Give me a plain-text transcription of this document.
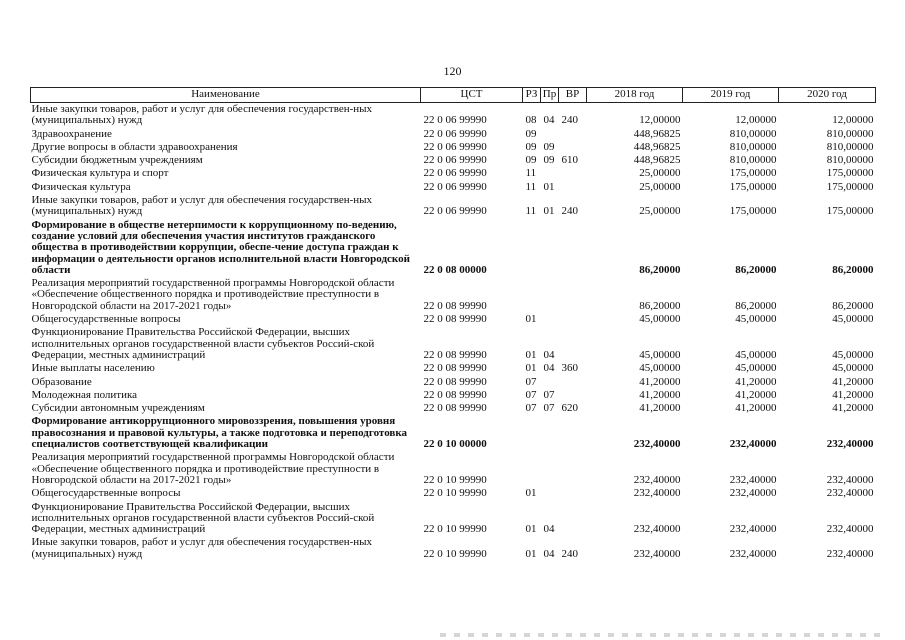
120
Наименование	ЦСТ	РЗ	Пр	ВР	2018 год	2019 год	2020 год
Иные закупки товаров, работ и услуг для обеспечения государствен-ных (муниципальных) нужд	22 0 06 99990	08	04	240	12,00000	12,00000	12,00000
Здравоохранение	22 0 06 99990	09			448,96825	810,00000	810,00000
Другие вопросы в области здравоохранения	22 0 06 99990	09	09		448,96825	810,00000	810,00000
Субсидии бюджетным учреждениям	22 0 06 99990	09	09	610	448,96825	810,00000	810,00000
Физическая культура и спорт	22 0 06 99990	11			25,00000	175,00000	175,00000
Физическая культура	22 0 06 99990	11	01		25,00000	175,00000	175,00000
Иные закупки товаров, работ и услуг для обеспечения государствен-ных (муниципальных) нужд	22 0 06 99990	11	01	240	25,00000	175,00000	175,00000
Формирование в обществе нетерпимости к коррупционному по-ведению, создание условий для обеспечения участия институтов гражданского общества в противодействии коррупции, обеспе-чение доступа граждан к информации о деятельности органов исполнительной власти Новгородской области	22 0 08 00000				86,20000	86,20000	86,20000
Реализация мероприятий государственной программы Новгородской области «Обеспечение общественного порядка и противодействие преступности в Новгородской области на 2017-2021 годы»	22 0 08 99990				86,20000	86,20000	86,20000
Общегосударственные вопросы	22 0 08 99990	01			45,00000	45,00000	45,00000
Функционирование Правительства Российской Федерации, высших исполнительных органов государственной власти субъектов Россий-ской Федерации, местных администраций	22 0 08 99990	01	04		45,00000	45,00000	45,00000
Иные выплаты населению	22 0 08 99990	01	04	360	45,00000	45,00000	45,00000
Образование	22 0 08 99990	07			41,20000	41,20000	41,20000
Молодежная политика	22 0 08 99990	07	07		41,20000	41,20000	41,20000
Субсидии автономным учреждениям	22 0 08 99990	07	07	620	41,20000	41,20000	41,20000
Формирование антикоррупционного мировоззрения, повышения уровня правосознания и правовой культуры, а также подготовка и переподготовка специалистов соответствующей квалификации	22 0 10 00000				232,40000	232,40000	232,40000
Реализация мероприятий государственной программы Новгородской области «Обеспечение общественного порядка и противодействие преступности в Новгородской области на 2017-2021 годы»	22 0 10 99990				232,40000	232,40000	232,40000
Общегосударственные вопросы	22 0 10 99990	01			232,40000	232,40000	232,40000
Функционирование Правительства Российской Федерации, высших исполнительных органов государственной власти субъектов Россий-ской Федерации, местных администраций	22 0 10 99990	01	04		232,40000	232,40000	232,40000
Иные закупки товаров, работ и услуг для обеспечения государствен-ных (муниципальных) нужд	22 0 10 99990	01	04	240	232,40000	232,40000	232,40000
